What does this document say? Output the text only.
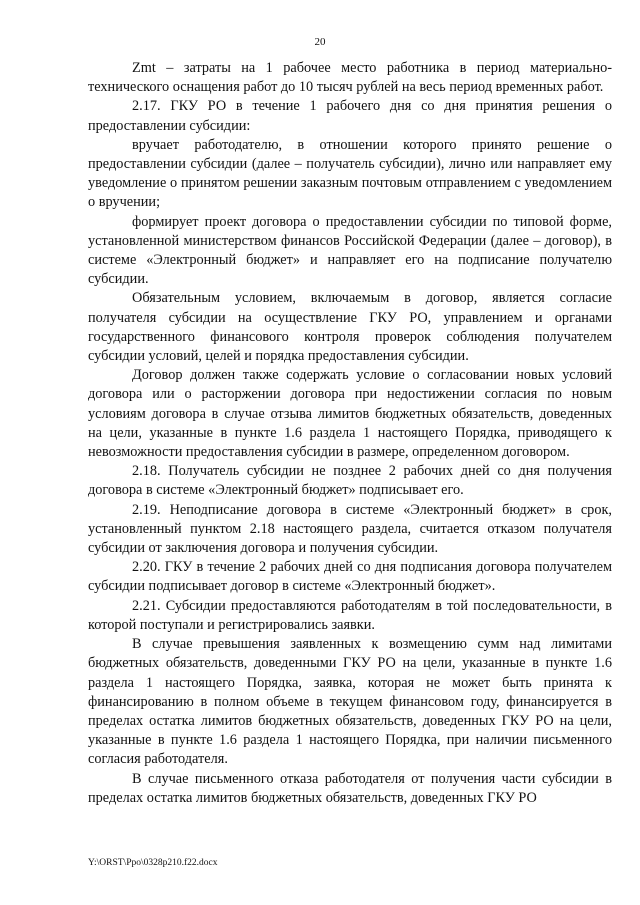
20

Zmt – затраты на 1 рабочее место работника в период материально-технического оснащения работ до 10 тысяч рублей на весь период временных работ.

2.17. ГКУ РО в течение 1 рабочего дня со дня принятия решения о предоставлении субсидии:

вручает работодателю, в отношении которого принято решение о предоставлении субсидии (далее – получатель субсидии), лично или направляет ему уведомление о принятом решении заказным почтовым отправлением с уведомлением о вручении;

формирует проект договора о предоставлении субсидии по типовой форме, установленной министерством финансов Российской Федерации (далее – договор), в системе «Электронный бюджет» и направляет его на подписание получателю субсидии.

Обязательным условием, включаемым в договор, является согласие получателя субсидии на осуществление ГКУ РО, управлением и органами государственного финансового контроля проверок соблюдения получателем субсидии условий, целей и порядка предоставления субсидии.

Договор должен также содержать условие о согласовании новых условий договора или о расторжении договора при недостижении согласия по новым условиям договора в случае отзыва лимитов бюджетных обязательств, доведенных на цели, указанные в пункте 1.6 раздела 1 настоящего Порядка, приводящего к невозможности предоставления субсидии в размере, определенном договором.

2.18. Получатель субсидии не позднее 2 рабочих дней со дня получения договора в системе «Электронный бюджет» подписывает его.

2.19. Неподписание договора в системе «Электронный бюджет» в срок, установленный пунктом 2.18 настоящего раздела, считается отказом получателя субсидии от заключения договора и получения субсидии.

2.20. ГКУ в течение 2 рабочих дней со дня подписания договора получателем субсидии подписывает договор в системе «Электронный бюджет».

2.21. Субсидии предоставляются работодателям в той последовательности, в которой поступали и регистрировались заявки.

В случае превышения заявленных к возмещению сумм над лимитами бюджетных обязательств, доведенными ГКУ РО на цели, указанные в пункте 1.6 раздела 1 настоящего Порядка, заявка, которая не может быть принята к финансированию в полном объеме в текущем финансовом году, финансируется в пределах остатка лимитов бюджетных обязательств, доведенных ГКУ РО на цели, указанные в пункте 1.6 раздела 1 настоящего Порядка, при наличии письменного согласия работодателя.

В случае письменного отказа работодателя от получения части субсидии в пределах остатка лимитов бюджетных обязательств, доведенных ГКУ РО

Y:\ORST\Ppo\0328p210.f22.docx
